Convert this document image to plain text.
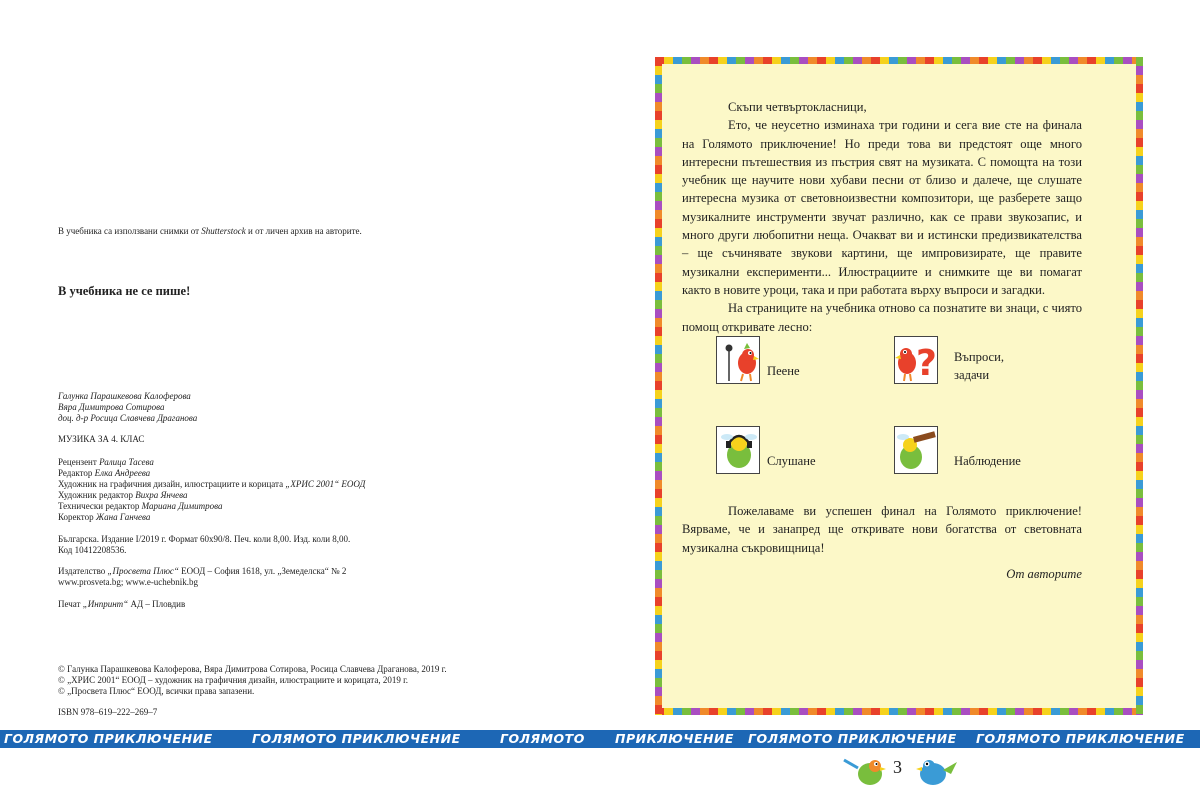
В учебника са използвани снимки от Shutterstock и от личен архив на авторите.
В учебника не се пише!
Галунка Парашкевова Калоферова
Вяра Димитрова Сотирова
доц. д-р Росица Славчева Драганова
МУЗИКА ЗА 4. КЛАС
Рецензент Ралица Тасева
Редактор Елка Андреева
Художник на графичния дизайн, илюстрациите и корицата „ХРИС 2001“ ЕООД
Художник редактор Вихра Янчева
Технически редактор Мариана Димитрова
Коректор Жана Ганчева
Българска. Издание I/2019 г. Формат 60х90/8. Печ. коли 8,00. Изд. коли 8,00.
Код 10412208536.
Издателство „Просвета Плюс“ ЕООД – София 1618, ул. „Земеделска“ № 2
www.prosveta.bg; www.e-uchebnik.bg
Печат „Инпринт“ АД – Пловдив
© Галунка Парашкевова Калоферова, Вяра Димитрова Сотирова, Росица Славчева Драганова, 2019 г.
© „ХРИС 2001“ ЕООД – художник на графичния дизайн, илюстрациите и корицата, 2019 г.
© „Просвета Плюс“ ЕООД, всички права запазени.
ISBN 978–619–222–269–7

Скъпи четвъртокласници,

Ето, че неусетно изминаха три години и сега вие сте на финала на Голямото приключение! Но преди това ви предстоят още много интересни пътешествия из пъстрия свят на музиката. С помощта на този учебник ще научите нови хубави песни от близо и далече, ще слушате интересна музика от световноизвестни композитори, ще разберете защо музикалните инструменти звучат различно, как се прави звукозапис, и много други любопитни неща. Очакват ви и истински предизвикателства – ще съчинявате звукови картини, ще импровизирате, ще правите музикални експерименти... Илюстрациите и снимките ще ви помагат както в новите уроци, така и при работата върху въпроси и загадки.

На страниците на учебника отново са познатите ви знаци, с чиято помощ откривате лесно:

Пеене	? Въпроси,
задачи
Слушане	Наблюдение

Пожелаваме ви успешен финал на Голямото приключение! Вярваме, че и занапред ще откривате нови богатства от световната музикална съкровищница!

От авторите
ГОЛЯМОТО ПРИКЛЮЧЕНИЕ	ГОЛЯМОТО ПРИКЛЮЧЕНИЕ	ГОЛЯМОТО ПРИКЛЮЧЕНИЕ ГОЛЯМОТО ПРИКЛЮЧЕНИЕ ГОЛЯМОТО ПРИКЛЮЧЕНИЕ
3
